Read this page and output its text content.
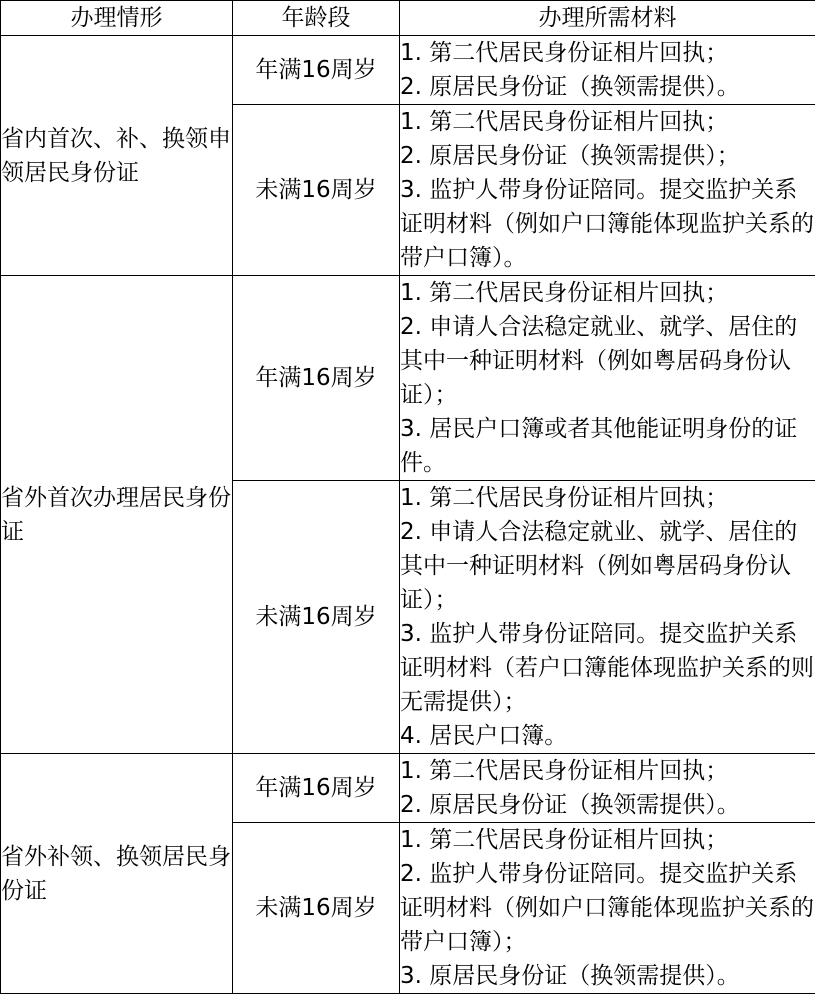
办理情形	年龄段	办理所需材料
省内首次、补、换领申领居民身份证	年满16周岁	1. 第二代居民身份证相片回执；
2. 原居民身份证（换领需提供）。

	未满16周岁	1. 第二代居民身份证相片回执；
2. 原居民身份证（换领需提供）；
3. 监护人带身份证陪同。提交监护关系证明材料（例如户口簿能体现监护关系的带户口簿）。

省外首次办理居民身份证	年满16周岁	1. 第二代居民身份证相片回执；
2. 申请人合法稳定就业、就学、居住的其中一种证明材料（例如粤居码身份认证）；
3. 居民户口簿或者其他能证明身份的证件。

	未满16周岁	1. 第二代居民身份证相片回执；
2. 申请人合法稳定就业、就学、居住的其中一种证明材料（例如粤居码身份认证）；
3. 监护人带身份证陪同。提交监护关系证明材料（若户口簿能体现监护关系的则无需提供）；
4. 居民户口簿。

省外补领、换领居民身份证	年满16周岁	1. 第二代居民身份证相片回执；
2. 原居民身份证（换领需提供）。

	未满16周岁	1. 第二代居民身份证相片回执；
2. 监护人带身份证陪同。提交监护关系证明材料（例如户口簿能体现监护关系的带户口簿）；
3. 原居民身份证（换领需提供）。
